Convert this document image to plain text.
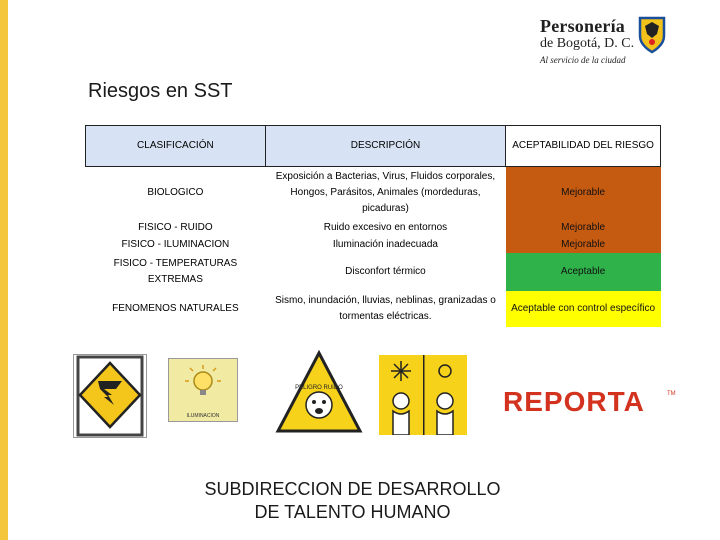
Personería
de Bogotá, D. C.
Al servicio de la ciudad
Riesgos en SST
CLASIFICACIÓN	DESCRIPCIÓN	ACEPTABILIDAD DEL RIESGO
BIOLOGICO	Exposición a Bacterias, Virus, Fluidos corporales, Hongos, Parásitos, Animales (mordeduras, picaduras)	Mejorable
FISICO - RUIDO	Ruido excesivo en entornos	Mejorable
FISICO - ILUMINACION	Iluminación inadecuada	Mejorable
FISICO - TEMPERATURAS EXTREMAS	Disconfort térmico	Aceptable
FENOMENOS NATURALES	Sismo, inundación, lluvias, neblinas, granizadas o tormentas eléctricas.	Aceptable con control específico
ILUMINACION
PELIGRO RUIDO	REPORTA	TM
SUBDIRECCION DE DESARROLLO
DE TALENTO HUMANO
